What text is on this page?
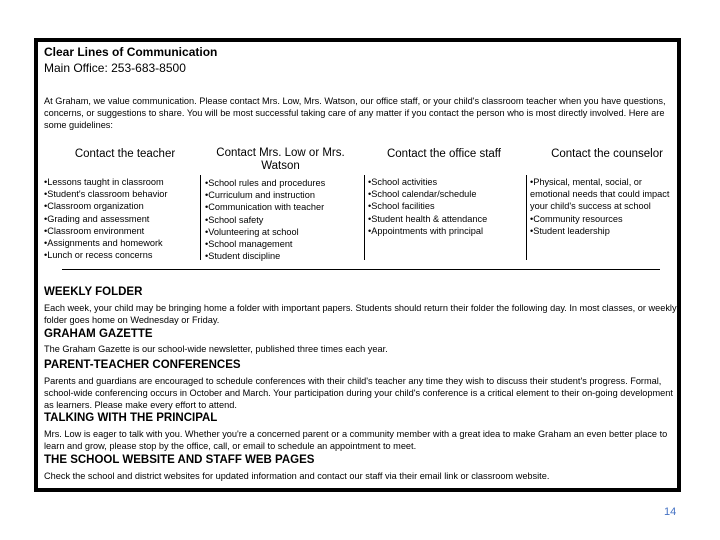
Clear Lines of Communication
Main Office: 253-683-8500
At Graham, we value communication. Please contact Mrs. Low, Mrs. Watson, our office staff, or your child's classroom teacher when you have questions, concerns, or suggestions to share. You will be most successful taking care of any matter if you contact the person who is most directly involved. Here are some guidelines:
Contact the teacher	Contact Mrs. Low or Mrs. Watson
Contact the office staff	Contact the counselor
•Lessons taught in classroom
•Student's classroom behavior
•Classroom organization
•Grading and assessment
•Classroom environment
•Assignments and homework
•Lunch or recess concerns
•School rules and procedures
•Curriculum and instruction
•Communication with teacher
•School safety
•Volunteering at school
•School management
•Student discipline
•School activities
•School calendar/schedule
•School facilities
•Student health & attendance
•Appointments with principal
•Physical, mental, social, or emotional needs that could impact your child's success at school
•Community resources
•Student leadership
WEEKLY FOLDER
Each week, your child may be bringing home a folder with important papers. Students should return their folder the following day. In most classes, or weekly folder goes home on Wednesday or Friday.
GRAHAM GAZETTE
The Graham Gazette is our school-wide newsletter, published three times each year.
PARENT-TEACHER CONFERENCES
Parents and guardians are encouraged to schedule conferences with their child's teacher any time they wish to discuss their student's progress. Formal, school-wide conferencing occurs in October and March. Your participation during your child's conference is a critical element to their on-going development as learners. Please make every effort to attend.
TALKING WITH THE PRINCIPAL
Mrs. Low is eager to talk with you. Whether you're a concerned parent or a community member with a great idea to make Graham an even better place to learn and grow, please stop by the office, call, or email to schedule an appointment to meet.
THE SCHOOL WEBSITE AND STAFF WEB PAGES
Check the school and district websites for updated information and contact our staff via their email link or classroom website.
14
